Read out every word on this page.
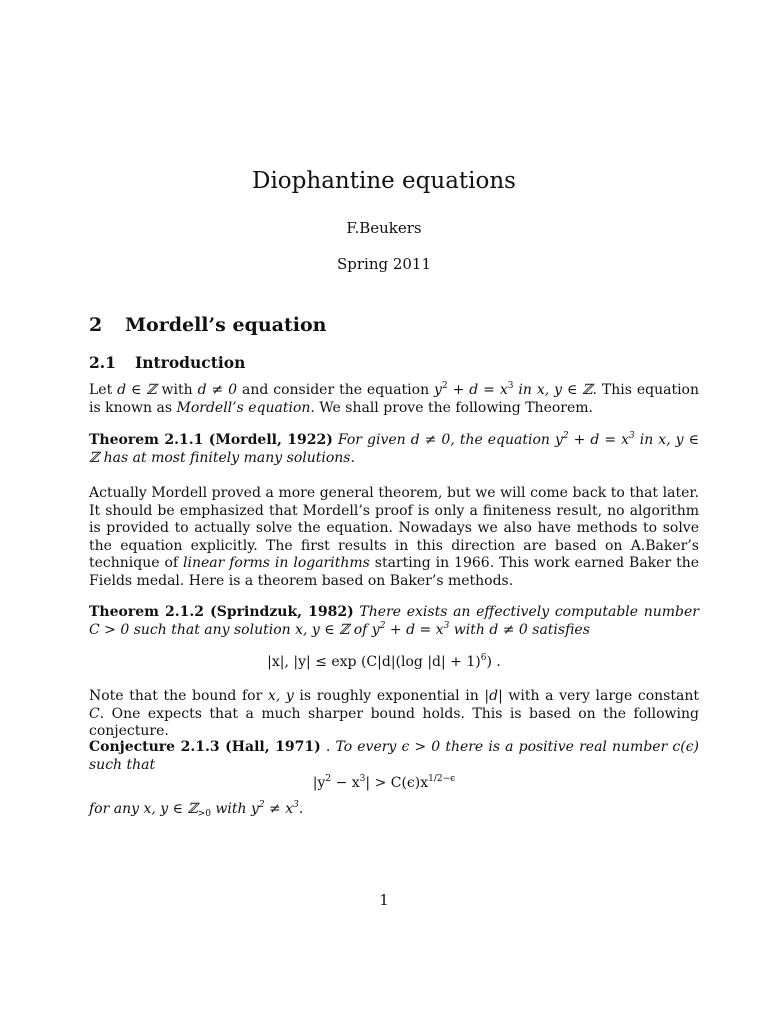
Diophantine equations
F.Beukers
Spring 2011
2 Mordell’s equation
2.1 Introduction

Let d ∈ ℤ with d ≠ 0 and consider the equation $y^2 + d = x^3$ in x, y ∈ ℤ. This equation is known as Mordell’s equation. We shall prove the following Theorem.

Theorem 2.1.1 (Mordell, 1922) For given d ≠ 0, the equation $y^2 + d = x^3$ in x, y ∈ ℤ has at most finitely many solutions.

Actually Mordell proved a more general theorem, but we will come back to that later. It should be emphasized that Mordell’s proof is only a finiteness result, no algorithm is provided to actually solve the equation. Nowadays we also have methods to solve the equation explicitly. The first results in this direction are based on A.Baker’s technique of linear forms in logarithms starting in 1966. This work earned Baker the Fields medal. Here is a theorem based on Baker’s methods.

Theorem 2.1.2 (Sprindzuk, 1982) There exists an effectively computable number C > 0 such that any solution x, y ∈ ℤ of $y^2 + d = x^3$ with d ≠ 0 satisfies

|x|, |y| ≤ exp (C|d|(log |d| + 1)$^6$) .

Note that the bound for x, y is roughly exponential in |d| with a very large constant C. One expects that a much sharper bound holds. This is based on the following conjecture.

Conjecture 2.1.3 (Hall, 1971) . To every ϵ > 0 there is a positive real number c(ϵ) such that

$|y^2 - x^3| > C(\epsilon)x^{1/2-\epsilon}$
for any x, y ∈ ℤ$_{>0}$ with $y^2 \ne x^3$.
1
